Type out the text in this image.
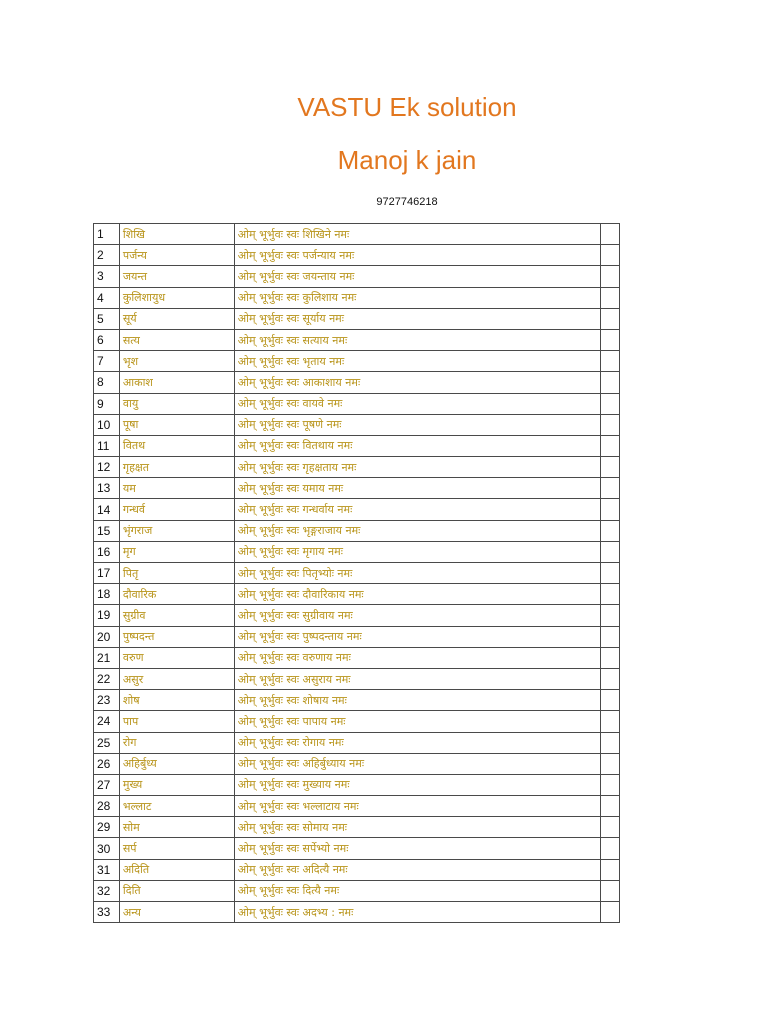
VASTU Ek solution
Manoj k jain
9727746218
1	शिखि	ओम् भूर्भुवः स्वः शिखिने नमः	
2	पर्जन्य	ओम् भूर्भुवः स्वः पर्जन्याय नमः	
3	जयन्त	ओम् भूर्भुवः स्वः जयन्ताय नमः	
4	कुलिशायुध	ओम् भूर्भुवः स्वः कुलिशाय नमः	
5	सूर्य	ओम् भूर्भुवः स्वः सूर्याय नमः	
6	सत्य	ओम् भूर्भुवः स्वः सत्याय नमः	
7	भृश	ओम् भूर्भुवः स्वः भृताय नमः	
8	आकाश	ओम् भूर्भुवः स्वः आकाशाय नमः	
9	वायु	ओम् भूर्भुवः स्वः वायवे नमः	
10	पूषा	ओम् भूर्भुवः स्वः पूषणे नमः	
11	वितथ	ओम् भूर्भुवः स्वः वितथाय नमः	
12	गृहक्षत	ओम् भूर्भुवः स्वः गृहक्षताय नमः	
13	यम	ओम् भूर्भुवः स्वः यमाय नमः	
14	गन्धर्व	ओम् भूर्भुवः स्वः गन्धर्वाय नमः	
15	भृंगराज	ओम् भूर्भुवः स्वः भृङ्गराजाय नमः	
16	मृग	ओम् भूर्भुवः स्वः मृगाय नमः	
17	पितृ	ओम् भूर्भुवः स्वः पितृभ्योः नमः	
18	दौवारिक	ओम् भूर्भुवः स्वः दौवारिकाय नमः	
19	सुग्रीव	ओम् भूर्भुवः स्वः सुग्रीवाय नमः	
20	पुष्पदन्त	ओम् भूर्भुवः स्वः पुष्पदन्ताय नमः	
21	वरुण	ओम् भूर्भुवः स्वः वरुणाय नमः	
22	असुर	ओम् भूर्भुवः स्वः असुराय नमः	
23	शोष	ओम् भूर्भुवः स्वः शोषाय नमः	
24	पाप	ओम् भूर्भुवः स्वः पापाय नमः	
25	रोग	ओम् भूर्भुवः स्वः रोगाय नमः	
26	अहिर्बुध्य	ओम् भूर्भुवः स्वः अहिर्बुध्याय नमः	
27	मुख्य	ओम् भूर्भुवः स्वः मुख्याय नमः	
28	भल्लाट	ओम् भूर्भुवः स्वः भल्लाटाय नमः	
29	सोम	ओम् भूर्भुवः स्वः सोमाय नमः	
30	सर्प	ओम् भूर्भुवः स्वः सर्पेभ्यो नमः	
31	अदिति	ओम् भूर्भुवः स्वः अदित्यै नमः	
32	दिति	ओम् भूर्भुवः स्वः दित्यै नमः	
33	अन्य	ओम् भूर्भुवः स्वः अदभ्य : नमः	
